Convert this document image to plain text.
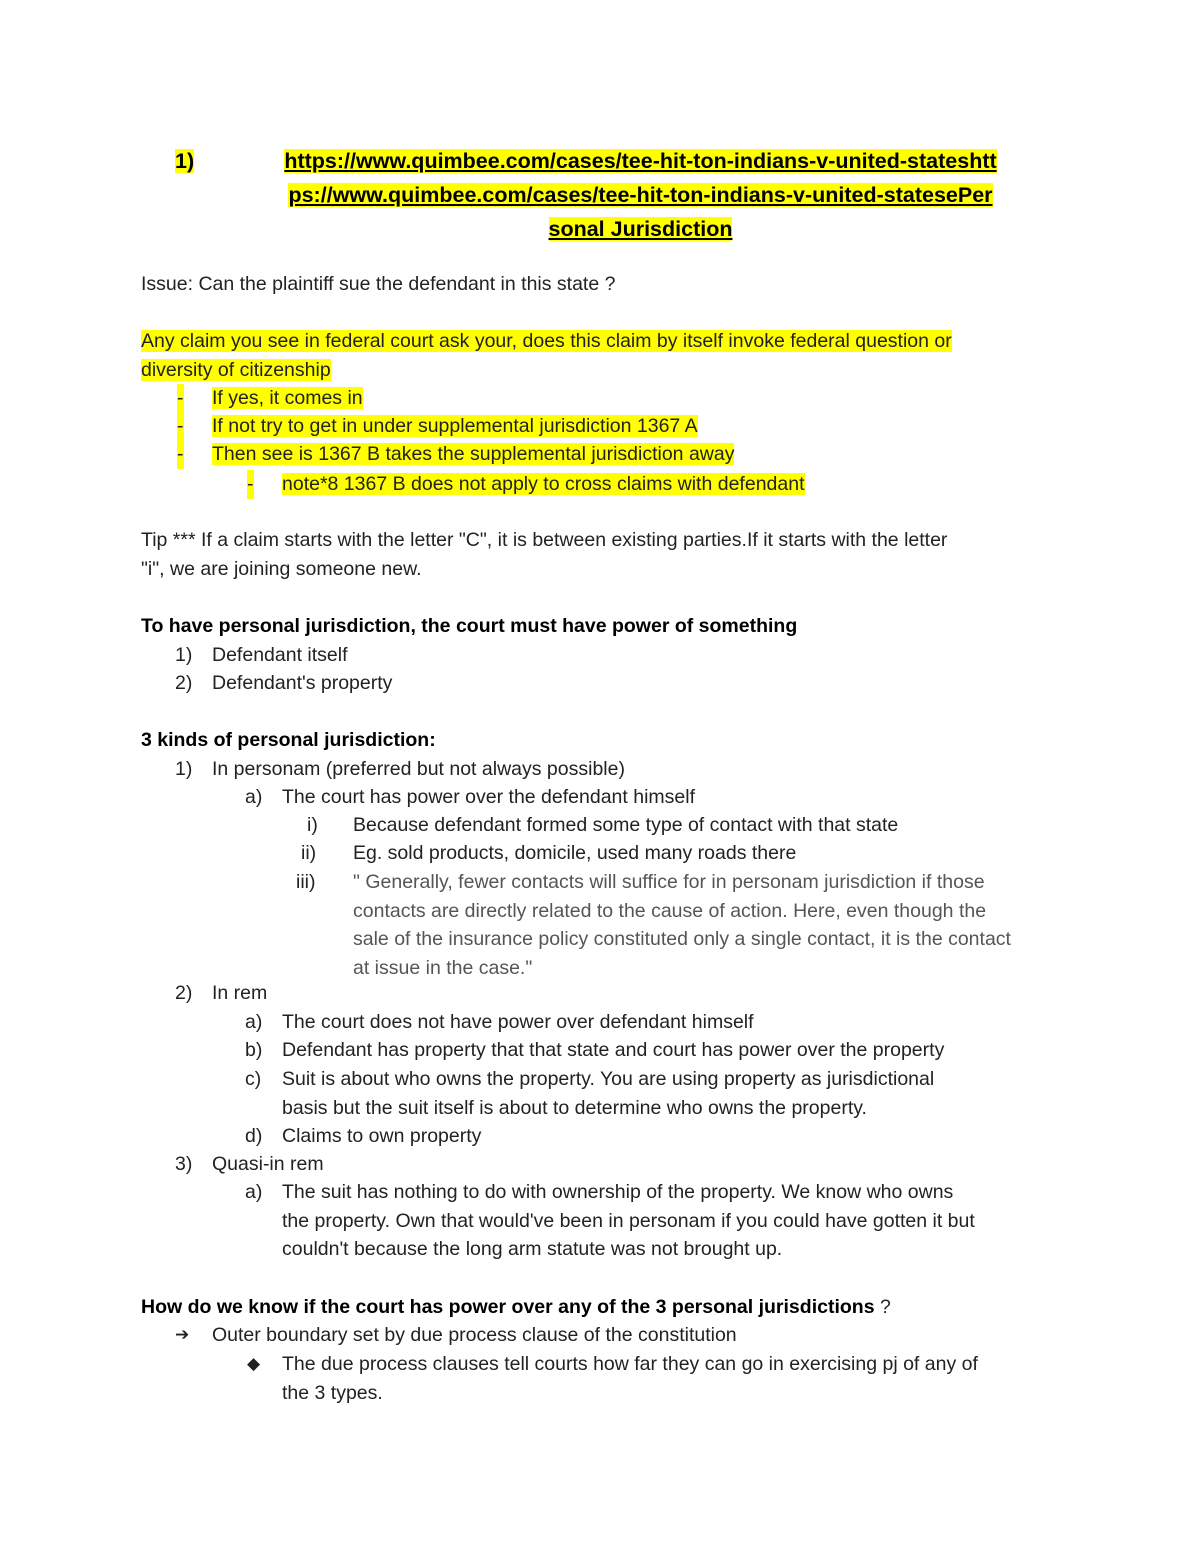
1)	https://www.quimbee.com/cases/tee-hit-ton-indians-v-united-stateshtt
ps://www.quimbee.com/cases/tee-hit-ton-indians-v-united-statesePer
sonal Jurisdiction

Issue: Can the plaintiff sue the defendant in this state ?

Any claim you see in federal court ask your, does this claim by itself invoke federal question or
diversity of citizenship

- If yes, it comes in
- If not try to get in under supplemental jurisdiction 1367 A
- Then see is 1367 B takes the supplemental jurisdiction away
- note*8 1367 B does not apply to cross claims with defendant

Tip *** If a claim starts with the letter "C", it is between existing parties.If it starts with the letter
"i", we are joining someone new.

To have personal jurisdiction, the court must have power of something

1) Defendant itself
2) Defendant's property

3 kinds of personal jurisdiction:

1) In personam (preferred but not always possible)
a) The court has power over the defendant himself
i) Because defendant formed some type of contact with that state
ii) Eg. sold products, domicile, used many roads there
iii) " Generally, fewer contacts will suffice for in personam jurisdiction if those
contacts are directly related to the cause of action. Here, even though the
sale of the insurance policy constituted only a single contact, it is the contact
at issue in the case."
2) In rem
a) The court does not have power over defendant himself
b) Defendant has property that that state and court has power over the property
c) Suit is about who owns the property. You are using property as jurisdictional
basis but the suit itself is about to determine who owns the property.
d) Claims to own property
3) Quasi-in rem
a) The suit has nothing to do with ownership of the property. We know who owns
the property. Own that would've been in personam if you could have gotten it but
couldn't because the long arm statute was not brought up.

How do we know if the court has power over any of the 3 personal jurisdictions ?

➔ Outer boundary set by due process clause of the constitution
◆ The due process clauses tell courts how far they can go in exercising pj of any of
the 3 types.
